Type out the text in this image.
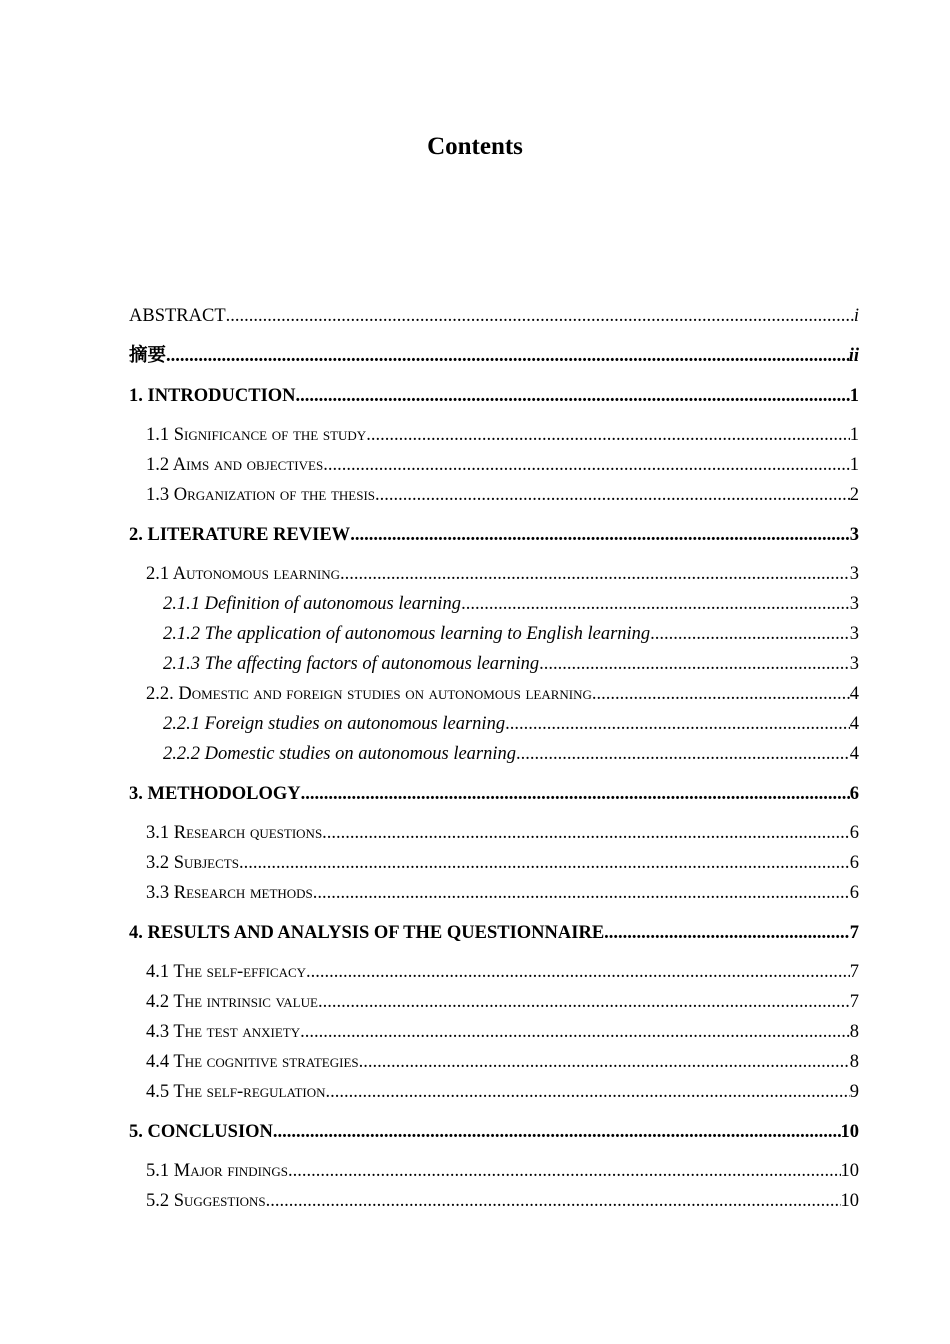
Contents
ABSTRACT .....	i
摘要 .....	ii
1. INTRODUCTION .....	1
1.1 Significance of the study .....	1
1.2 Aims and objectives .....	1
1.3 Organization of the thesis .....	2
2. LITERATURE REVIEW .....	3
2.1 Autonomous learning .....	3
2.1.1 Definition of autonomous learning .....	3
2.1.2 The application of autonomous learning to English learning .....	3
2.1.3 The affecting factors of autonomous learning .....	3
2.2. Domestic and foreign studies on autonomous learning .....	4
2.2.1 Foreign studies on autonomous learning .....	4
2.2.2 Domestic studies on autonomous learning .....	4
3. METHODOLOGY .....	6
3.1 Research questions .....	6
3.2 Subjects .....	6
3.3 Research methods .....	6
4. RESULTS AND ANALYSIS OF THE QUESTIONNAIRE .....	7
4.1 The self-efficacy .....	7
4.2 The intrinsic value .....	7
4.3 The test anxiety .....	8
4.4 The cognitive strategies .....	8
4.5 The self-regulation .....	9
5. CONCLUSION .....	10
5.1 Major findings .....	10
5.2 Suggestions .....	10
